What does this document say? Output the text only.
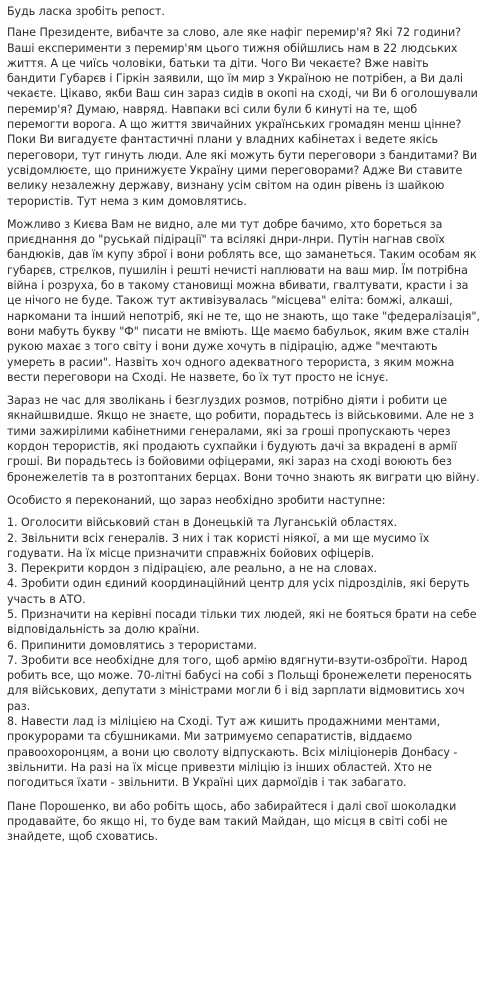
Будь ласка зробіть репост.

Пане Президенте, вибачте за слово, але яке нафіг перемир'я? Які 72 години? Ваші експерименти з перемир'ям цього тижня обійшлись нам в 22 людських життя. А це чиїсь чоловіки, батьки та діти. Чого Ви чекаєте? Вже навіть бандити Губарєв і Гіркін заявили, що їм мир з Україною не потрібен, а Ви далі чекаєте. Цікаво, якби Ваш син зараз сидів в окопі на сході, чи Ви б оголошували перемир'я? Думаю, навряд. Навпаки всі сили були б кинуті на те, щоб перемогти ворога. А що життя звичайних українських громадян менш цінне? Поки Ви вигадуєте фантастичні плани у владних кабінетах і ведете якісь переговори, тут гинуть люди. Але які можуть бути переговори з бандитами? Ви усвідомлюєте, що принижуєте Україну цими переговорами? Адже Ви ставите велику незалежну державу, визнану усім світом на один рівень із шайкою терористів. Тут нема з ким домовлятись.

Можливо з Києва Вам не видно, але ми тут добре бачимо, хто бореться за приєднання до "руськай підірації" та всілякі днри-лнри. Путін нагнав своїх бандюків, дав їм купу зброї і вони роблять все, що заманеться. Таким особам як губарєв, стрєлков, пушилін і решті нечисті наплювати на ваш мир. Їм потрібна війна і розруха, бо в такому становищі можна вбивати, гвалтувати, красти і за це нічого не буде. Також тут активізувалась "місцева" еліта: бомжі, алкаші, наркомани та інший непотріб, які не те, що не знають, що таке "федералізація", вони мабуть букву "Ф" писати не вміють. Ще маємо бабульок, яким вже сталін рукою махає з того світу і вони дуже хочуть в підірацію, адже "мечтають умереть в расии". Назвіть хоч одного адекватного терориста, з яким можна вести переговори на Сході. Не назвете, бо їх тут просто не існує.

Зараз не час для зволікань і безглуздих розмов, потрібно діяти і робити це якнайшвидше. Якщо не знаєте, що робити, порадьтесь із військовими. Але не з тими зажирілими кабінетними генералами, які за гроші пропускають через кордон терористів, які продають сухпайки і будують дачі за вкрадені в армії гроші. Ви порадьтесь із бойовими офіцерами, які зараз на сході воюють без бронежелетів та в розтоптаних берцах. Вони точно знають як виграти цю війну.

Особисто я переконаний, що зараз необхідно зробити наступне:

1. Оголосити військовий стан в Донецькій та Луганській областях.

2. Звільнити всіх генералів. З них і так користі ніякої, а ми ще мусимо їх годувати. На їх місце призначити справжніх бойових офіцерів.

3. Перекрити кордон з підірацією, але реально, а не на словах.

4. Зробити один єдиний координаційний центр для усіх підрозділів, які беруть участь в АТО.

5. Призначити на керівні посади тільки тих людей, які не бояться брати на себе відповідальність за долю країни.

6. Припинити домовлятись з терористами.

7. Зробити все необхідне для того, щоб армію вдягнути-взути-озброїти. Народ робить все, що може. 70-літні бабусі на собі з Польщі бронежелети переносять для військових, депутати з міністрами могли б і від зарплати відмовитись хоч раз.

8. Навести лад із міліцією на Сході. Тут аж кишить продажними ментами, прокурорами та сбушниками. Ми затримуємо сепаратистів, віддаємо правоохоронцям, а вони цю сволоту відпускають. Всіх міліціонерів Донбасу - звільнити. На разі на їх місце привезти міліцію із інших областей. Хто не погодиться їхати - звільнити. В Україні цих дармоїдів і так забагато.

Пане Порошенко, ви або робіть щось, або забирайтеся і далі свої шоколадки продавайте, бо якщо ні, то буде вам такий Майдан, що місця в світі собі не знайдете, щоб сховатись.
